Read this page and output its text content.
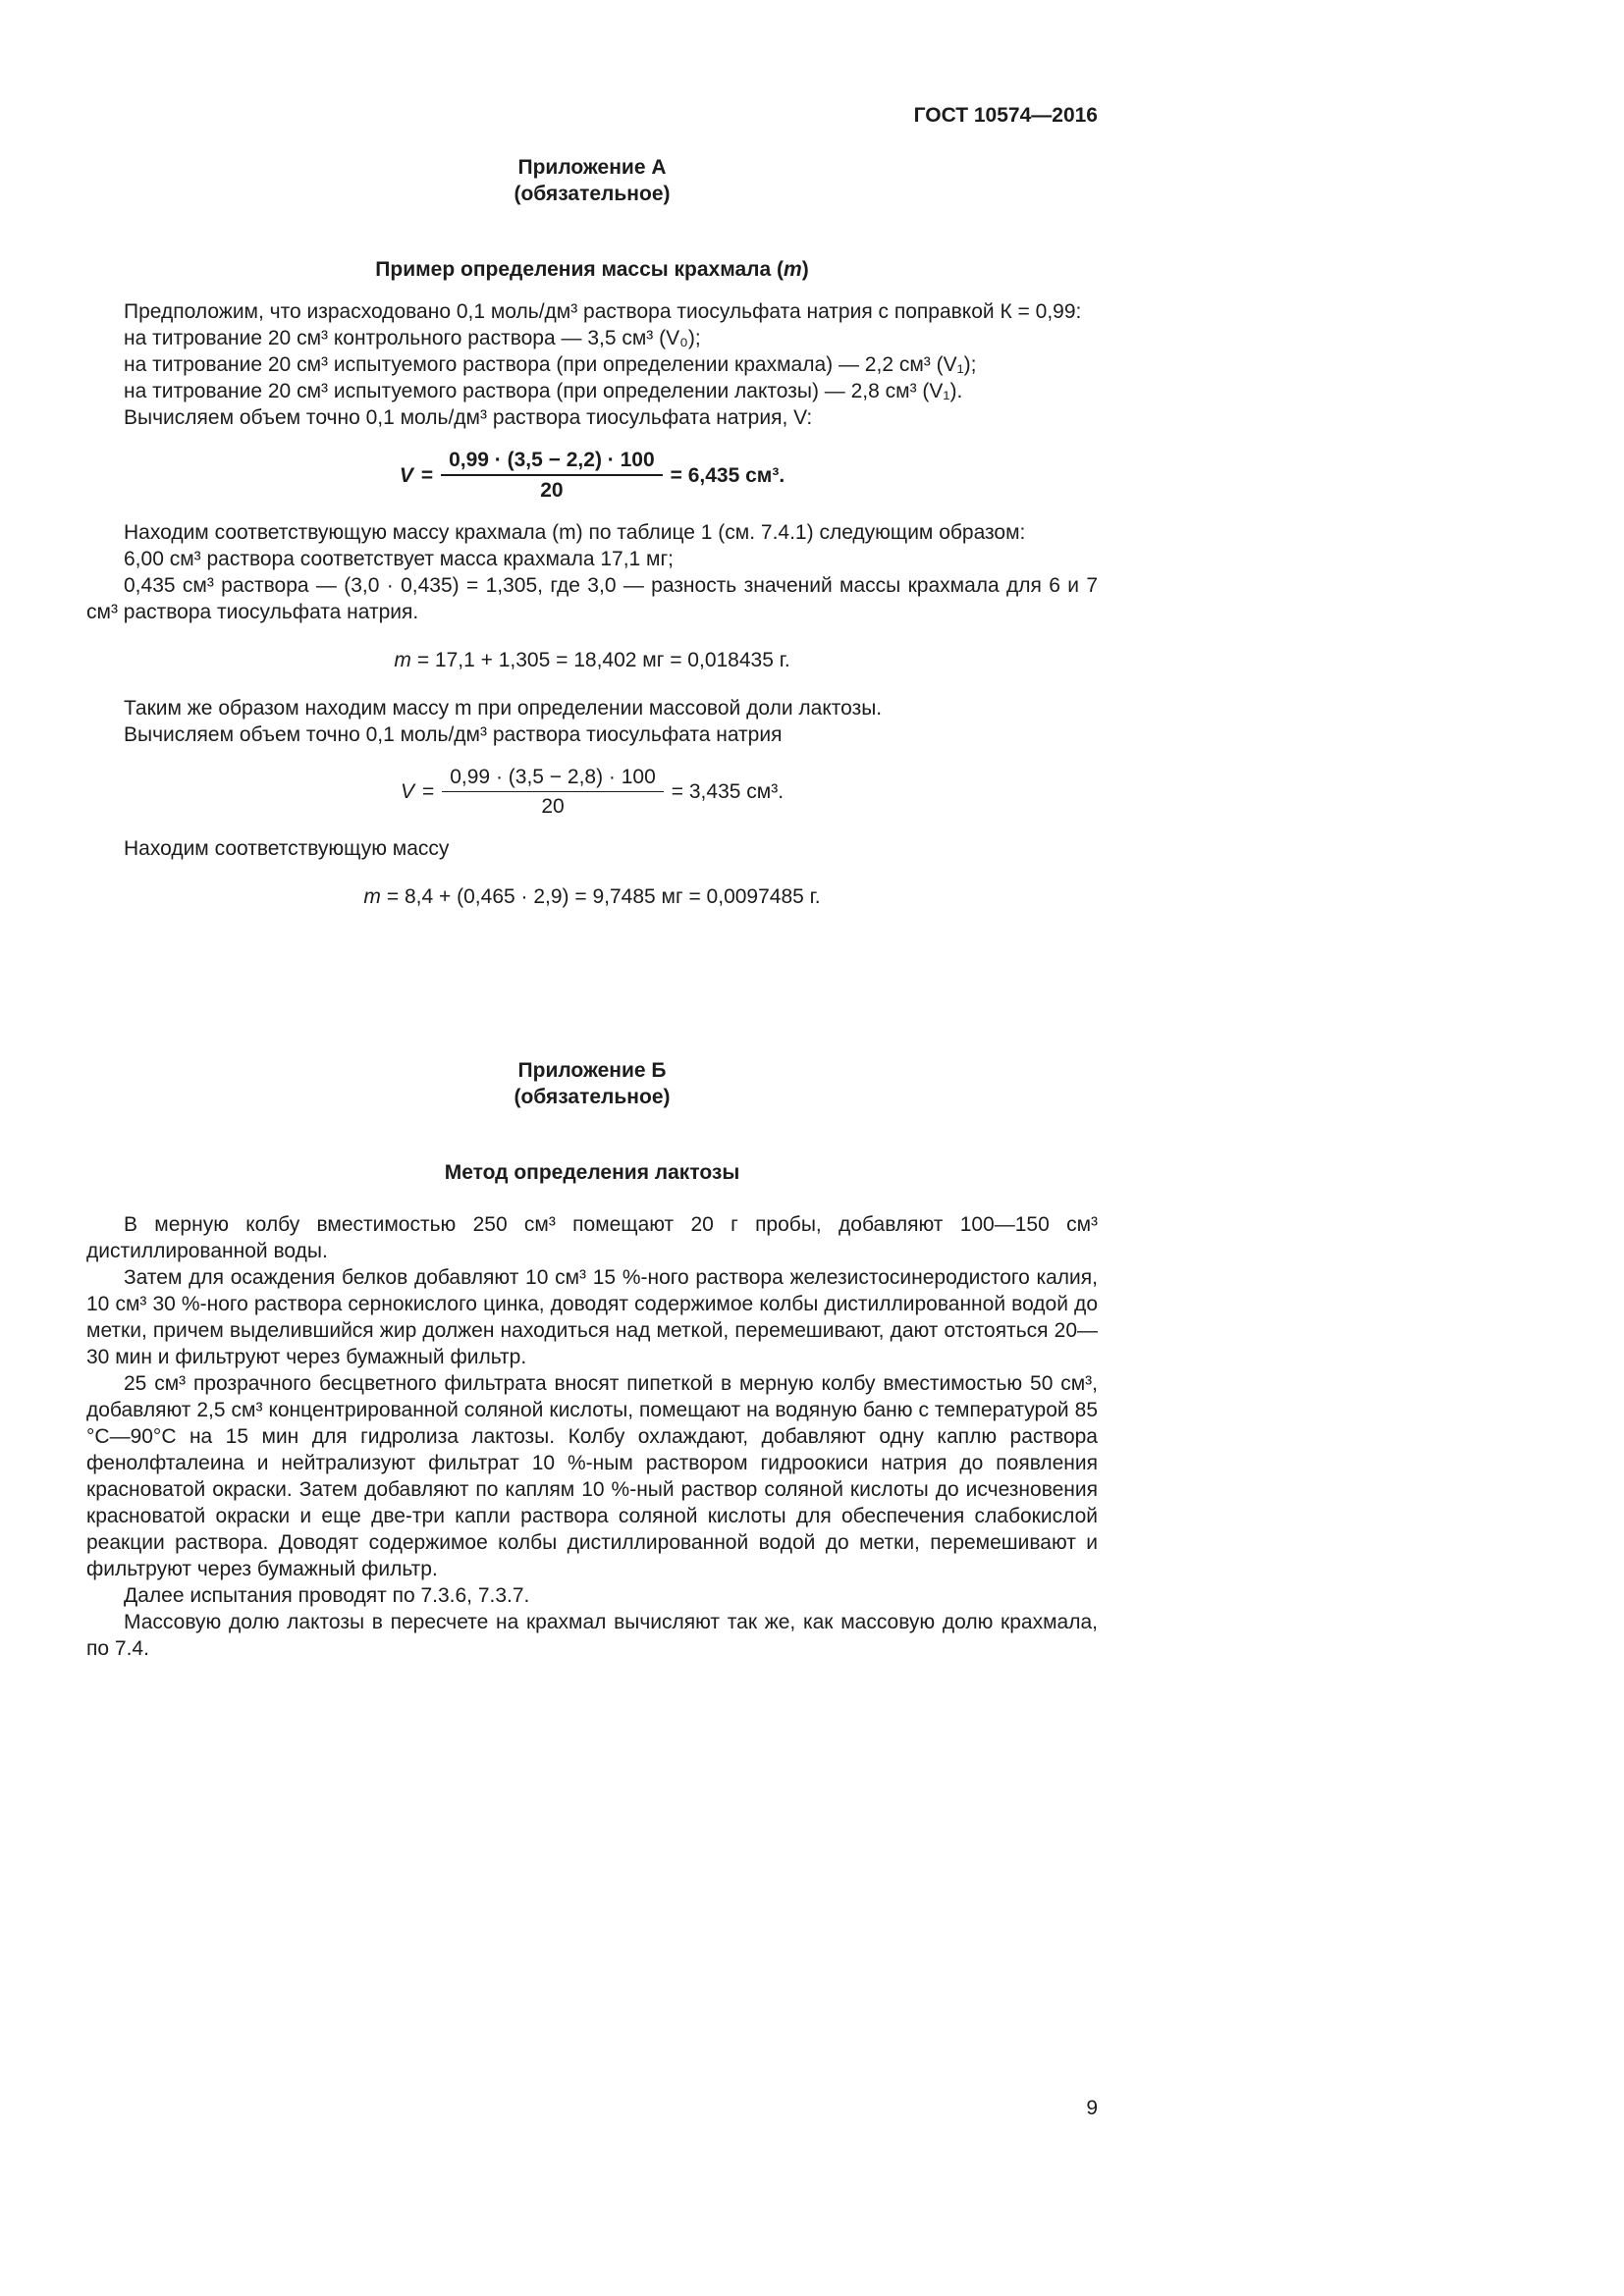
ГОСТ 10574—2016
Приложение А
(обязательное)
Пример определения массы крахмала (m)
Предположим, что израсходовано 0,1 моль/дм³ раствора тиосульфата натрия с поправкой К = 0,99:
на титрование 20 см³ контрольного раствора — 3,5 см³ (V₀);
на титрование 20 см³ испытуемого раствора (при определении крахмала) — 2,2 см³ (V₁);
на титрование 20 см³ испытуемого раствора (при определении лактозы) — 2,8 см³ (V₁).
Вычисляем объем точно 0,1 моль/дм³ раствора тиосульфата натрия, V:
$V = \frac{0,99 \cdot (3,5 - 2,2) \cdot 100}{20} = 6,435$ см³.

Находим соответствующую массу крахмала (m) по таблице 1 (см. 7.4.1) следующим образом:

6,00 см³ раствора соответствует масса крахмала 17,1 мг;

0,435 см³ раствора — (3,0 · 0,435) = 1,305, где 3,0 — разность значений массы крахмала для 6 и 7 см³ раствора тиосульфата натрия.

m = 17,1 + 1,305 = 18,402 мг = 0,018435 г.

Таким же образом находим массу m при определении массовой доли лактозы.

Вычисляем объем точно 0,1 моль/дм³ раствора тиосульфата натрия

$V = \frac{0,99 \cdot (3,5 - 2,8) \cdot 100}{20} = 3,435$ см³.

Находим соответствующую массу

m = 8,4 + (0,465 · 2,9) = 9,7485 мг = 0,0097485 г.
Приложение Б
(обязательное)
Метод определения лактозы

В мерную колбу вместимостью 250 см³ помещают 20 г пробы, добавляют 100—150 см³ дистиллированной воды.

Затем для осаждения белков добавляют 10 см³ 15 %-ного раствора железистосинеродистого калия, 10 см³ 30 %-ного раствора сернокислого цинка, доводят содержимое колбы дистиллированной водой до метки, причем выделившийся жир должен находиться над меткой, перемешивают, дают отстояться 20—30 мин и фильтруют через бумажный фильтр.

25 см³ прозрачного бесцветного фильтрата вносят пипеткой в мерную колбу вместимостью 50 см³, добавляют 2,5 см³ концентрированной соляной кислоты, помещают на водяную баню с температурой 85 °С—90°С на 15 мин для гидролиза лактозы. Колбу охлаждают, добавляют одну каплю раствора фенолфталеина и нейтрализуют фильтрат 10 %-ным раствором гидроокиси натрия до появления красноватой окраски. Затем добавляют по каплям 10 %-ный раствор соляной кислоты до исчезновения красноватой окраски и еще две-три капли раствора соляной кислоты для обеспечения слабокислой реакции раствора. Доводят содержимое колбы дистиллированной водой до метки, перемешивают и фильтруют через бумажный фильтр.

Далее испытания проводят по 7.3.6, 7.3.7.

Массовую долю лактозы в пересчете на крахмал вычисляют так же, как массовую долю крахмала, по 7.4.

9
